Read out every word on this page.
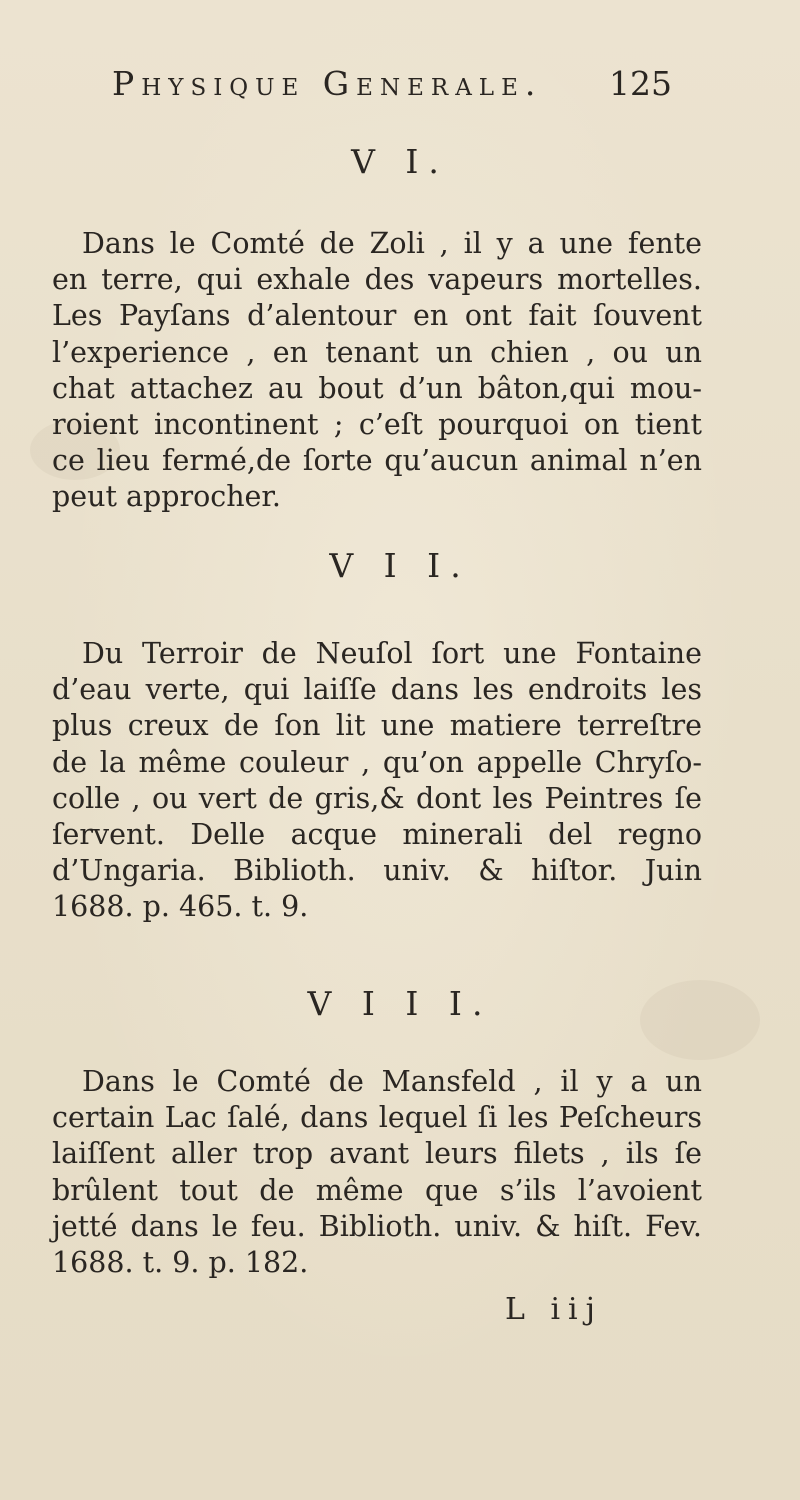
Physique Generale. 125
V I.
Dans le Comté de Zoli , il y a une fente
en terre, qui exhale des vapeurs mortelles.
Les Payſans d’alentour en ont fait ſouvent
l’experience , en tenant un chien , ou un
chat attachez au bout d’un bâton,qui mou-
roient incontinent ; c’eſt pourquoi on tient
ce lieu fermé,de ſorte qu’aucun animal n’en
peut approcher.
V I I.
Du Terroir de Neuſol ſort une Fontaine
d’eau verte, qui laiſſe dans les endroits les
plus creux de ſon lit une matiere terreſtre
de la même couleur , qu’on appelle Chryſo-
colle , ou vert de gris,& dont les Peintres ſe
ſervent. Delle acque minerali del regno
d’Ungaria. Biblioth. univ. & hiſtor. Juin
1688. p. 465. t. 9.
V I I I.
Dans le Comté de Mansfeld , il y a un
certain Lac ſalé, dans lequel ſi les Peſcheurs
laiſſent aller trop avant leurs filets , ils ſe
brûlent tout de même que s’ils l’avoient
jetté dans le feu. Biblioth. univ. & hiſt. Fev.
1688. t. 9. p. 182.
L iij
